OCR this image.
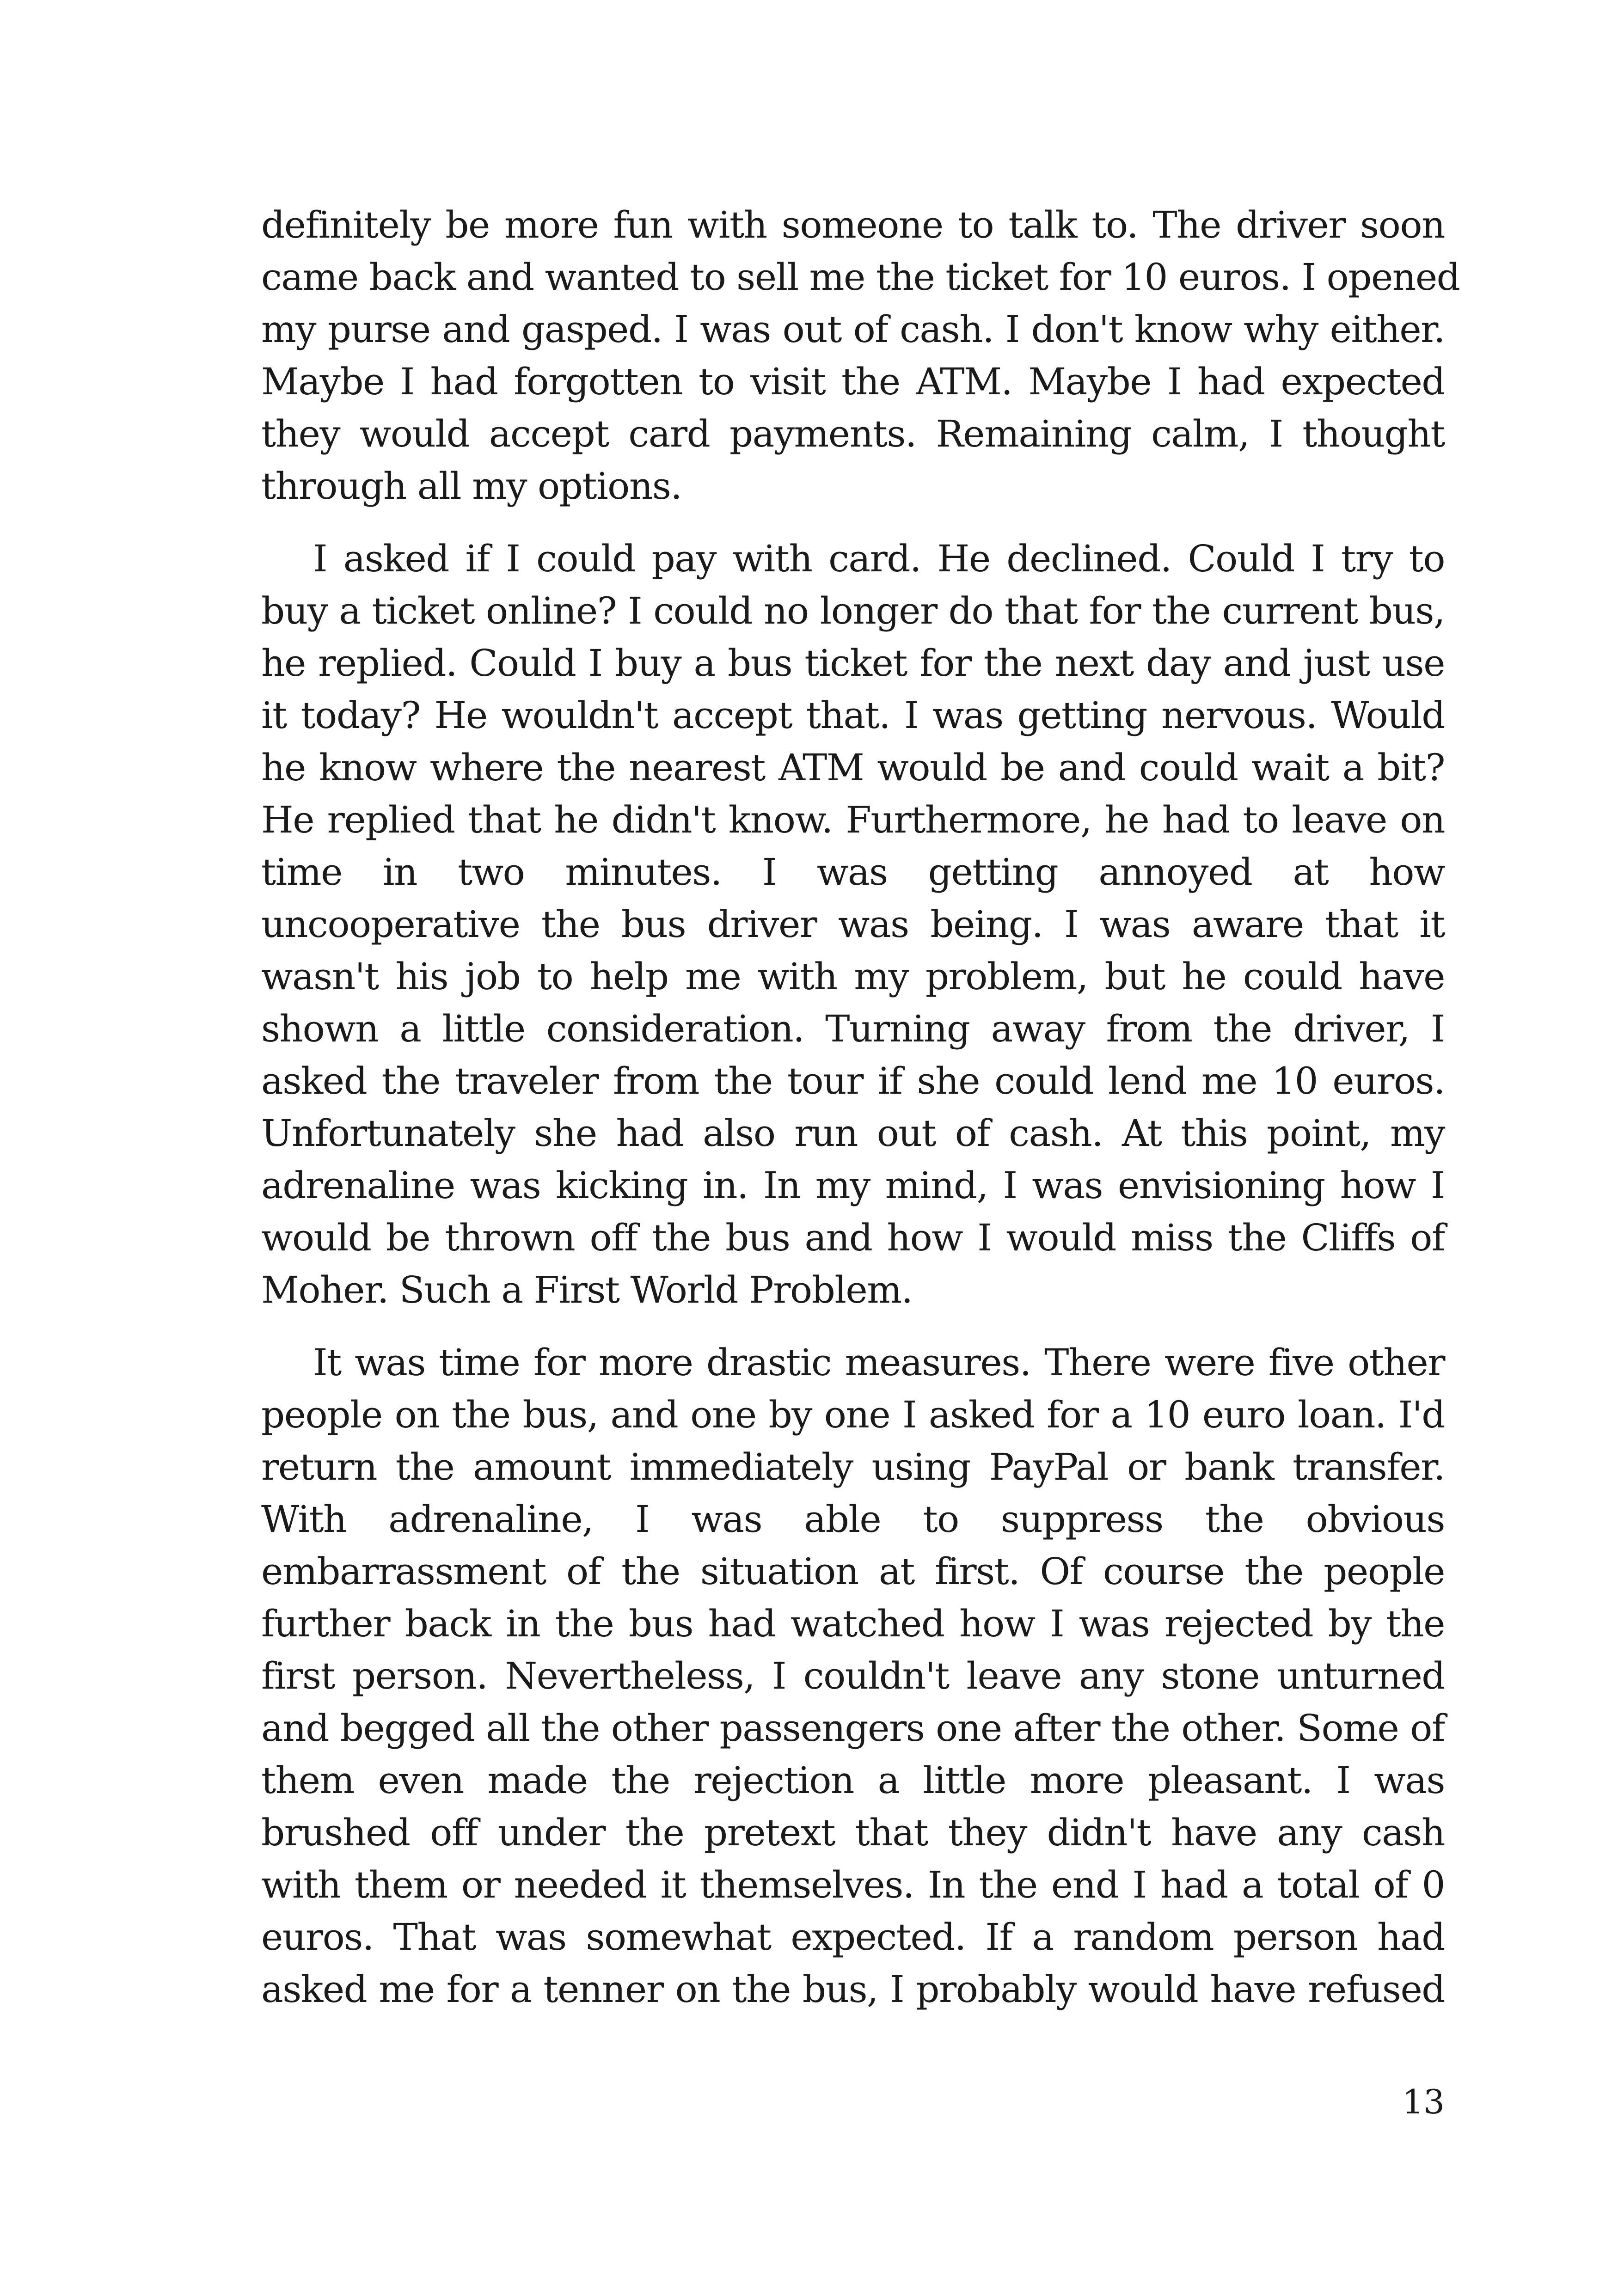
definitely be more fun with someone to talk to. The driver soon
came back and wanted to sell me the ticket for 10 euros. I opened
my purse and gasped. I was out of cash. I don't know why either.
Maybe I had forgotten to visit the ATM. Maybe I had expected
they would accept card payments. Remaining calm, I thought
through all my options.
I asked if I could pay with card. He declined. Could I try to
buy a ticket online? I could no longer do that for the current bus,
he replied. Could I buy a bus ticket for the next day and just use
it today? He wouldn't accept that. I was getting nervous. Would
he know where the nearest ATM would be and could wait a bit?
He replied that he didn't know. Furthermore, he had to leave on
time in two minutes. I was getting annoyed at how
uncooperative the bus driver was being. I was aware that it
wasn't his job to help me with my problem, but he could have
shown a little consideration. Turning away from the driver, I
asked the traveler from the tour if she could lend me 10 euros.
Unfortunately she had also run out of cash. At this point, my
adrenaline was kicking in. In my mind, I was envisioning how I
would be thrown off the bus and how I would miss the Cliffs of
Moher. Such a First World Problem.
It was time for more drastic measures. There were five other
people on the bus, and one by one I asked for a 10 euro loan. I'd
return the amount immediately using PayPal or bank transfer.
With adrenaline, I was able to suppress the obvious
embarrassment of the situation at first. Of course the people
further back in the bus had watched how I was rejected by the
first person. Nevertheless, I couldn't leave any stone unturned
and begged all the other passengers one after the other. Some of
them even made the rejection a little more pleasant. I was
brushed off under the pretext that they didn't have any cash
with them or needed it themselves. In the end I had a total of 0
euros. That was somewhat expected. If a random person had
asked me for a tenner on the bus, I probably would have refused
13
